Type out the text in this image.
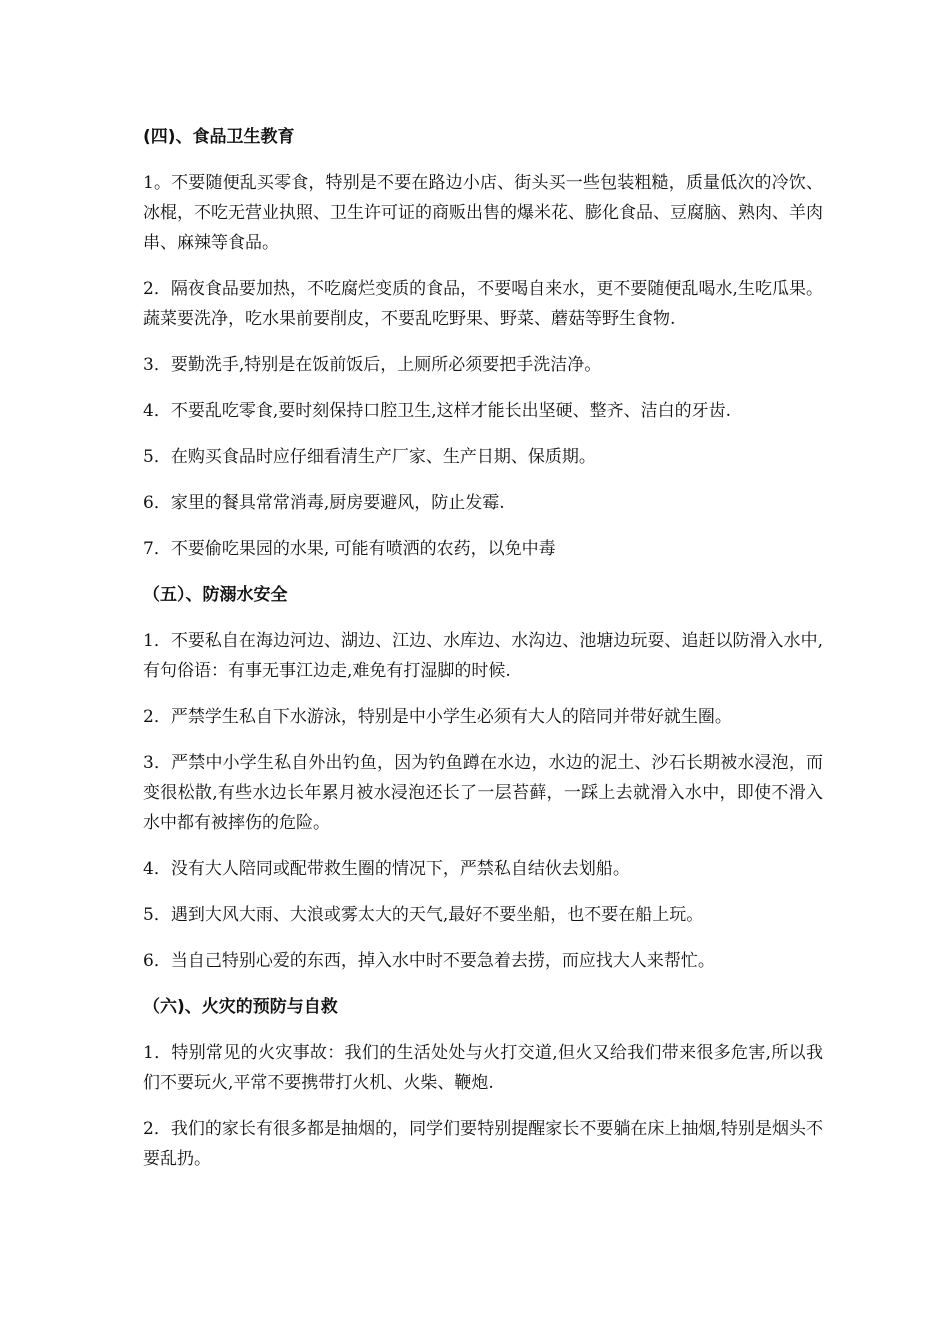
(四)、食品卫生教育

1。不要随便乱买零食，特别是不要在路边小店、街头买一些包装粗糙，质量低次的冷饮、冰棍，不吃无营业执照、卫生许可证的商贩出售的爆米花、膨化食品、豆腐脑、熟肉、羊肉串、麻辣等食品。

2．隔夜食品要加热，不吃腐烂变质的食品，不要喝自来水，更不要随便乱喝水,生吃瓜果。蔬菜要洗净，吃水果前要削皮，不要乱吃野果、野菜、蘑菇等野生食物.

3．要勤洗手,特别是在饭前饭后，上厕所必须要把手洗洁净。

4．不要乱吃零食,要时刻保持口腔卫生,这样才能长出坚硬、整齐、洁白的牙齿.

5．在购买食品时应仔细看清生产厂家、生产日期、保质期。

6．家里的餐具常常消毒,厨房要避风，防止发霉.

7．不要偷吃果园的水果, 可能有喷洒的农药，以免中毒

（五）、防溺水安全

1．不要私自在海边河边、湖边、江边、水库边、水沟边、池塘边玩耍、追赶以防滑入水中,有句俗语：有事无事江边走,难免有打湿脚的时候.

2．严禁学生私自下水游泳，特别是中小学生必须有大人的陪同并带好就生圈。

3．严禁中小学生私自外出钓鱼，因为钓鱼蹲在水边，水边的泥土、沙石长期被水浸泡，而变很松散,有些水边长年累月被水浸泡还长了一层苔藓，一踩上去就滑入水中，即使不滑入水中都有被摔伤的危险。

4．没有大人陪同或配带救生圈的情况下，严禁私自结伙去划船。

5．遇到大风大雨、大浪或雾太大的天气,最好不要坐船，也不要在船上玩。

6．当自己特别心爱的东西，掉入水中时不要急着去捞，而应找大人来帮忙。

（六)、火灾的预防与自救

1．特别常见的火灾事故：我们的生活处处与火打交道,但火又给我们带来很多危害,所以我们不要玩火,平常不要携带打火机、火柴、鞭炮.

2．我们的家长有很多都是抽烟的，同学们要特别提醒家长不要躺在床上抽烟,特别是烟头不要乱扔。
